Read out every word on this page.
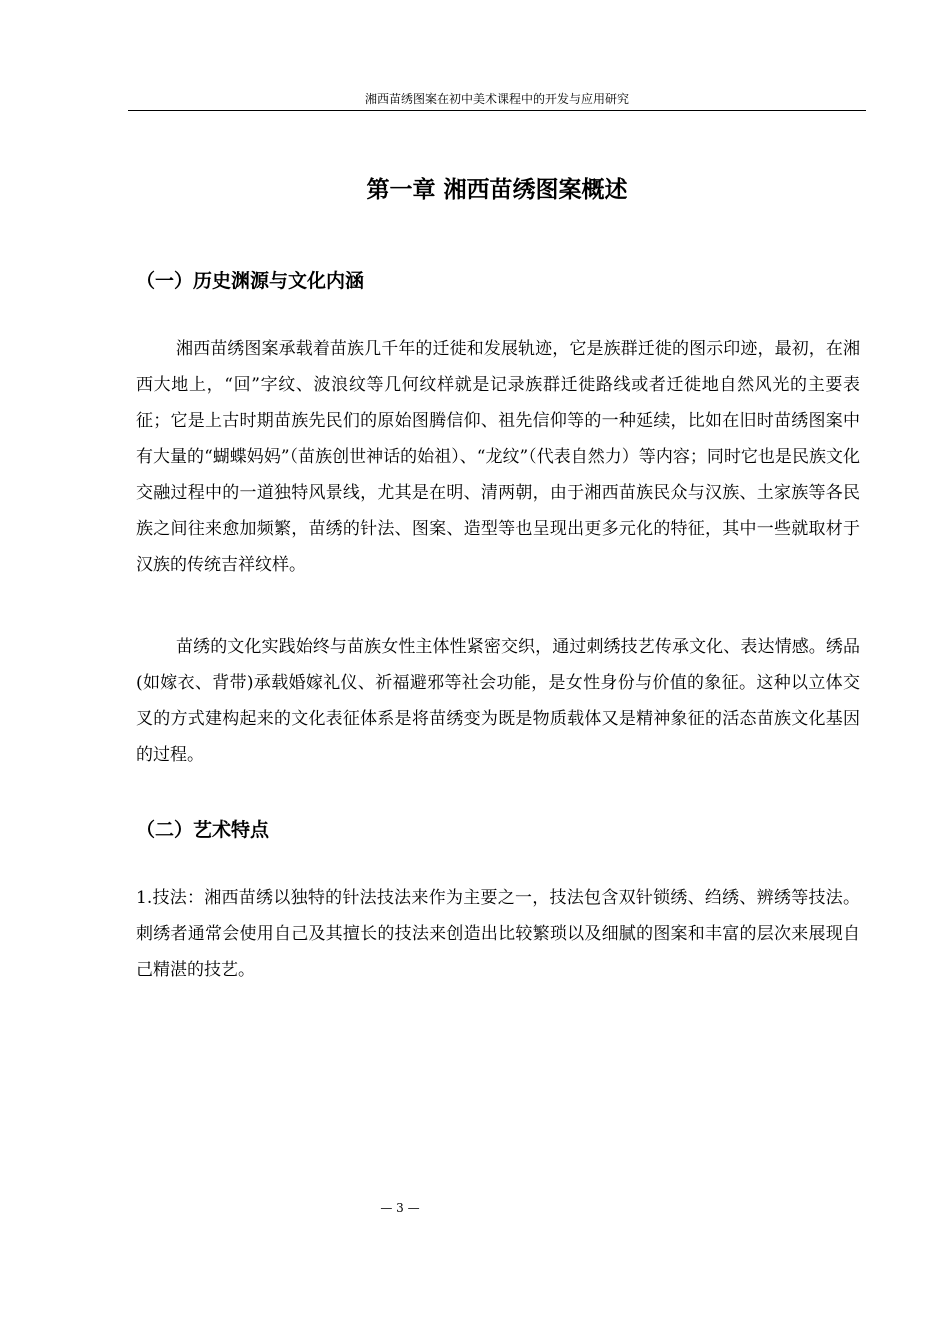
湘西苗绣图案在初中美术课程中的开发与应用研究
第一章 湘西苗绣图案概述
（一）历史渊源与文化内涵

湘西苗绣图案承载着苗族几千年的迁徙和发展轨迹，它是族群迁徙的图示印迹，最初，在湘西大地上，“回”字纹、波浪纹等几何纹样就是记录族群迁徙路线或者迁徙地自然风光的主要表征；它是上古时期苗族先民们的原始图腾信仰、祖先信仰等的一种延续，比如在旧时苗绣图案中有大量的“蝴蝶妈妈”（苗族创世神话的始祖）、“龙纹”（代表自然力）等内容；同时它也是民族文化交融过程中的一道独特风景线，尤其是在明、清两朝，由于湘西苗族民众与汉族、土家族等各民族之间往来愈加频繁，苗绣的针法、图案、造型等也呈现出更多元化的特征，其中一些就取材于汉族的传统吉祥纹样。

苗绣的文化实践始终与苗族女性主体性紧密交织，通过刺绣技艺传承文化、表达情感。绣品(如嫁衣、背带)承载婚嫁礼仪、祈福避邪等社会功能，是女性身份与价值的象征。这种以立体交叉的方式建构起来的文化表征体系是将苗绣变为既是物质载体又是精神象征的活态苗族文化基因的过程。

（二）艺术特点

1.技法：湘西苗绣以独特的针法技法来作为主要之一，技法包含双针锁绣、绉绣、辨绣等技法。刺绣者通常会使用自己及其擅长的技法来创造出比较繁琐以及细腻的图案和丰富的层次来展现自己精湛的技艺。

— 3 —
